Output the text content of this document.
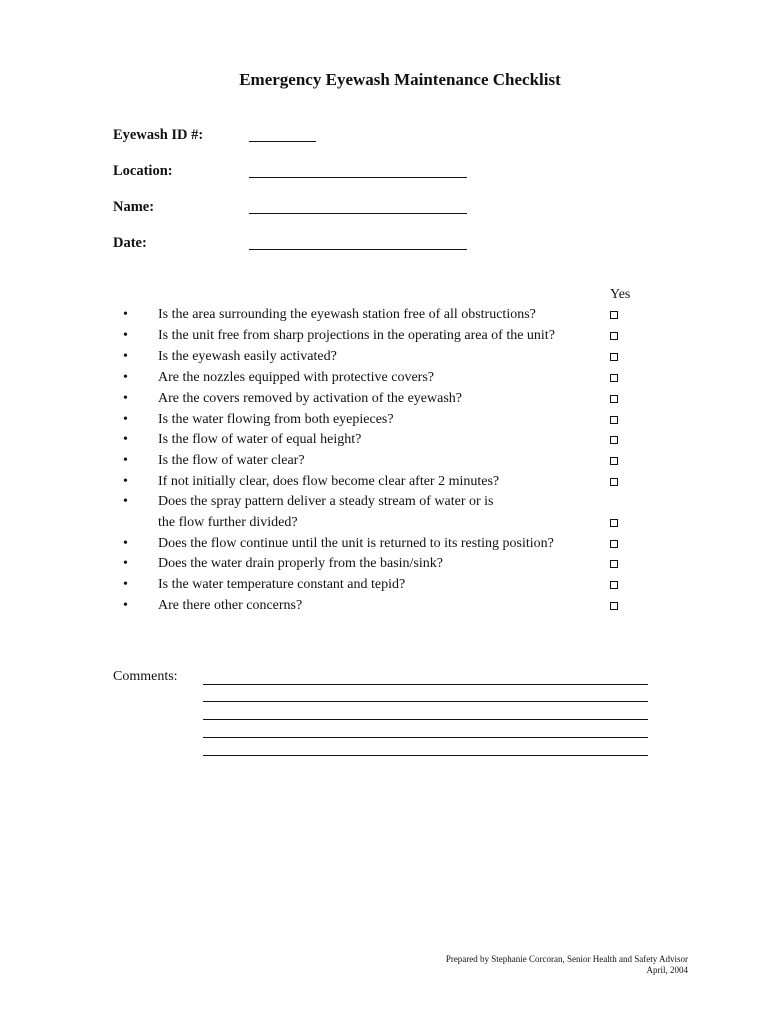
Emergency Eyewash Maintenance Checklist
Eyewash ID #:
Location:
Name:
Date:
Yes
• Is the area surrounding the eyewash station free of all obstructions?
• Is the unit free from sharp projections in the operating area of the unit?
• Is the eyewash easily activated?
• Are the nozzles equipped with protective covers?
• Are the covers removed by activation of the eyewash?
• Is the water flowing from both eyepieces?
• Is the flow of water of equal height?
• Is the flow of water clear?
• If not initially clear, does flow become clear after 2 minutes?
• Does the spray pattern deliver a steady stream of water or is
the flow further divided?
• Does the flow continue until the unit is returned to its resting position?
• Does the water drain properly from the basin/sink?
• Is the water temperature constant and tepid?
• Are there other concerns?
Comments:
Prepared by Stephanie Corcoran, Senior Health and Safety Advisor
April, 2004
